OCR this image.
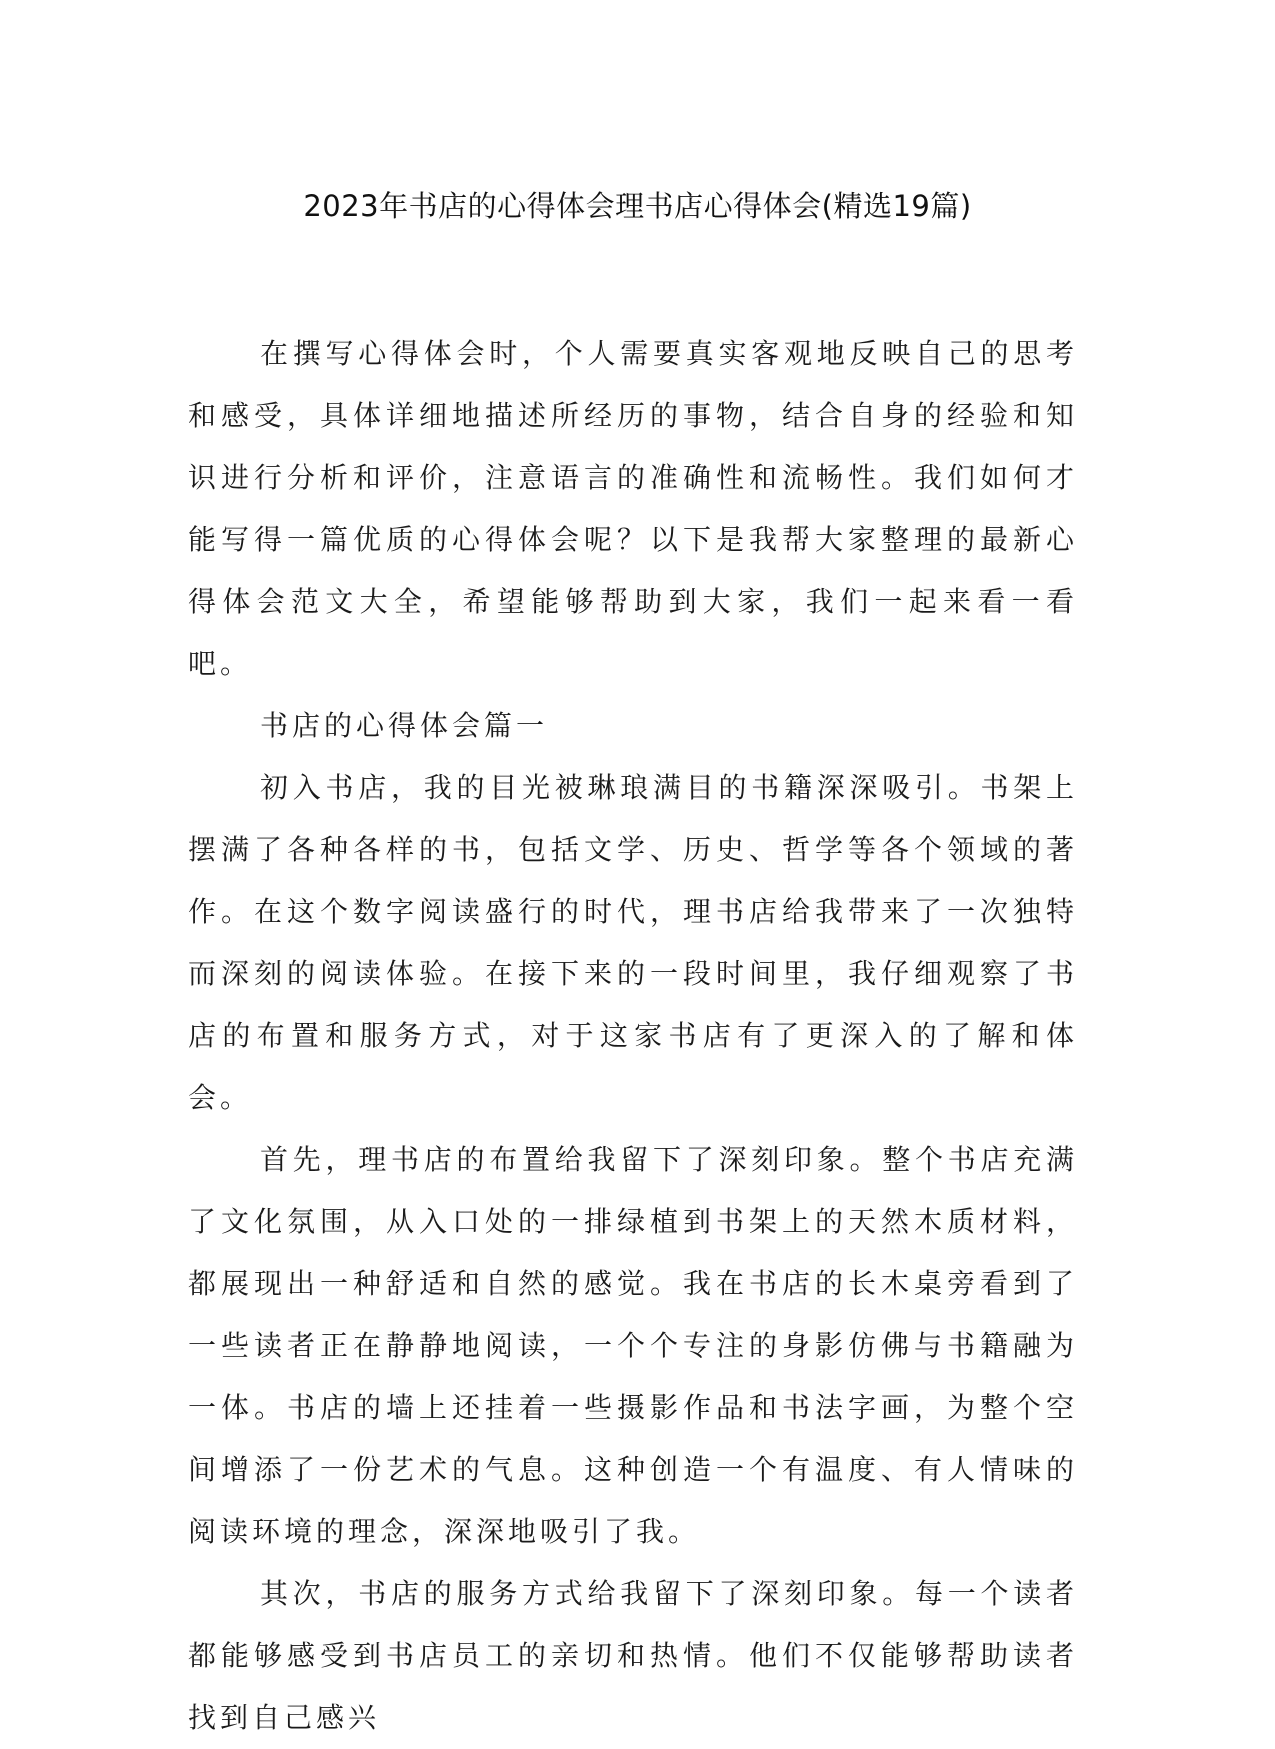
2023年书店的心得体会理书店心得体会(精选19篇)

在撰写心得体会时，个人需要真实客观地反映自己的思考和感受，具体详细地描述所经历的事物，结合自身的经验和知识进行分析和评价，注意语言的准确性和流畅性。我们如何才能写得一篇优质的心得体会呢？以下是我帮大家整理的最新心得体会范文大全，希望能够帮助到大家，我们一起来看一看吧。

书店的心得体会篇一

初入书店，我的目光被琳琅满目的书籍深深吸引。书架上摆满了各种各样的书，包括文学、历史、哲学等各个领域的著作。在这个数字阅读盛行的时代，理书店给我带来了一次独特而深刻的阅读体验。在接下来的一段时间里，我仔细观察了书店的布置和服务方式，对于这家书店有了更深入的了解和体会。

首先，理书店的布置给我留下了深刻印象。整个书店充满了文化氛围，从入口处的一排绿植到书架上的天然木质材料，都展现出一种舒适和自然的感觉。我在书店的长木桌旁看到了一些读者正在静静地阅读，一个个专注的身影仿佛与书籍融为一体。书店的墙上还挂着一些摄影作品和书法字画，为整个空间增添了一份艺术的气息。这种创造一个有温度、有人情味的阅读环境的理念，深深地吸引了我。

其次，书店的服务方式给我留下了深刻印象。每一个读者都能够感受到书店员工的亲切和热情。他们不仅能够帮助读者找到自己感兴
